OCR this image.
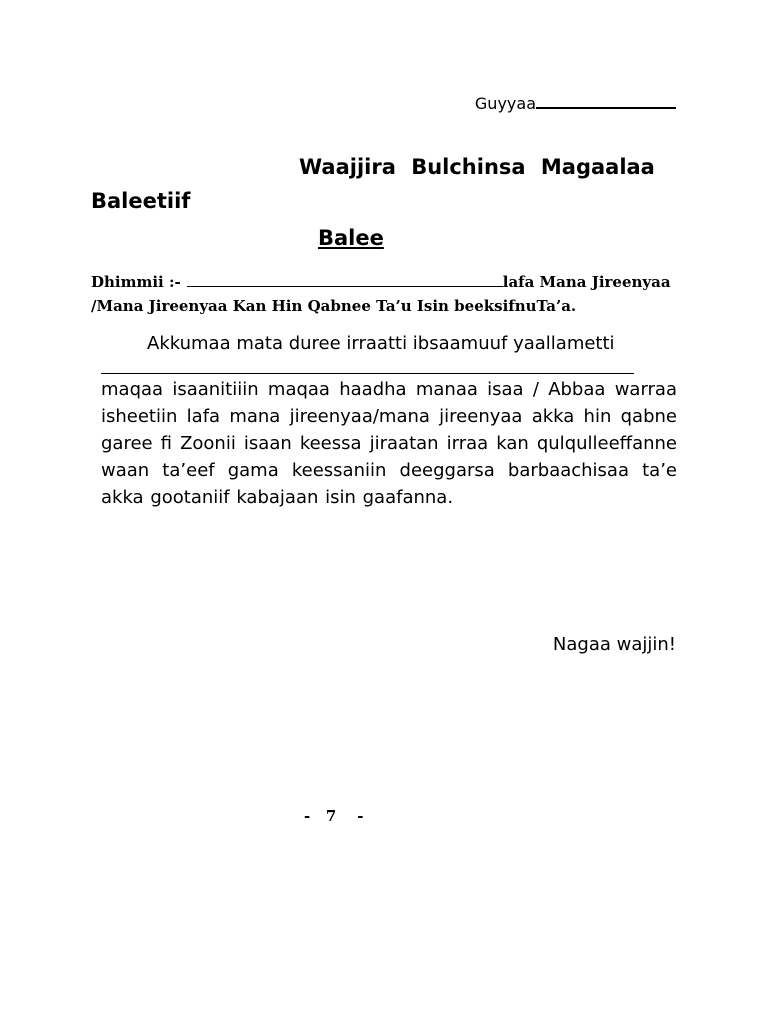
Guyyaa
Waajjira Bulchinsa Magaalaa
Baleetiif
Balee
Dhimmii :-	lafa Mana Jireenyaa
/Mana Jireenyaa Kan Hin Qabnee Ta’u Isin beeksifnuTa’a.
Akkumaa mata duree irraatti ibsaamuuf yaallametti
maqaa isaanitiiin maqaa haadha manaa isaa / Abbaa warraa isheetiin lafa mana jireenyaa/mana jireenyaa akka hin qabne garee fi Zoonii isaan keessa jiraatan irraa kan qulqulleeffanne waan ta’eef gama keessaniin deeggarsa barbaachisaa ta’e akka gootaniif kabajaan isin gaafanna.
Nagaa wajjin!
-   7    -
